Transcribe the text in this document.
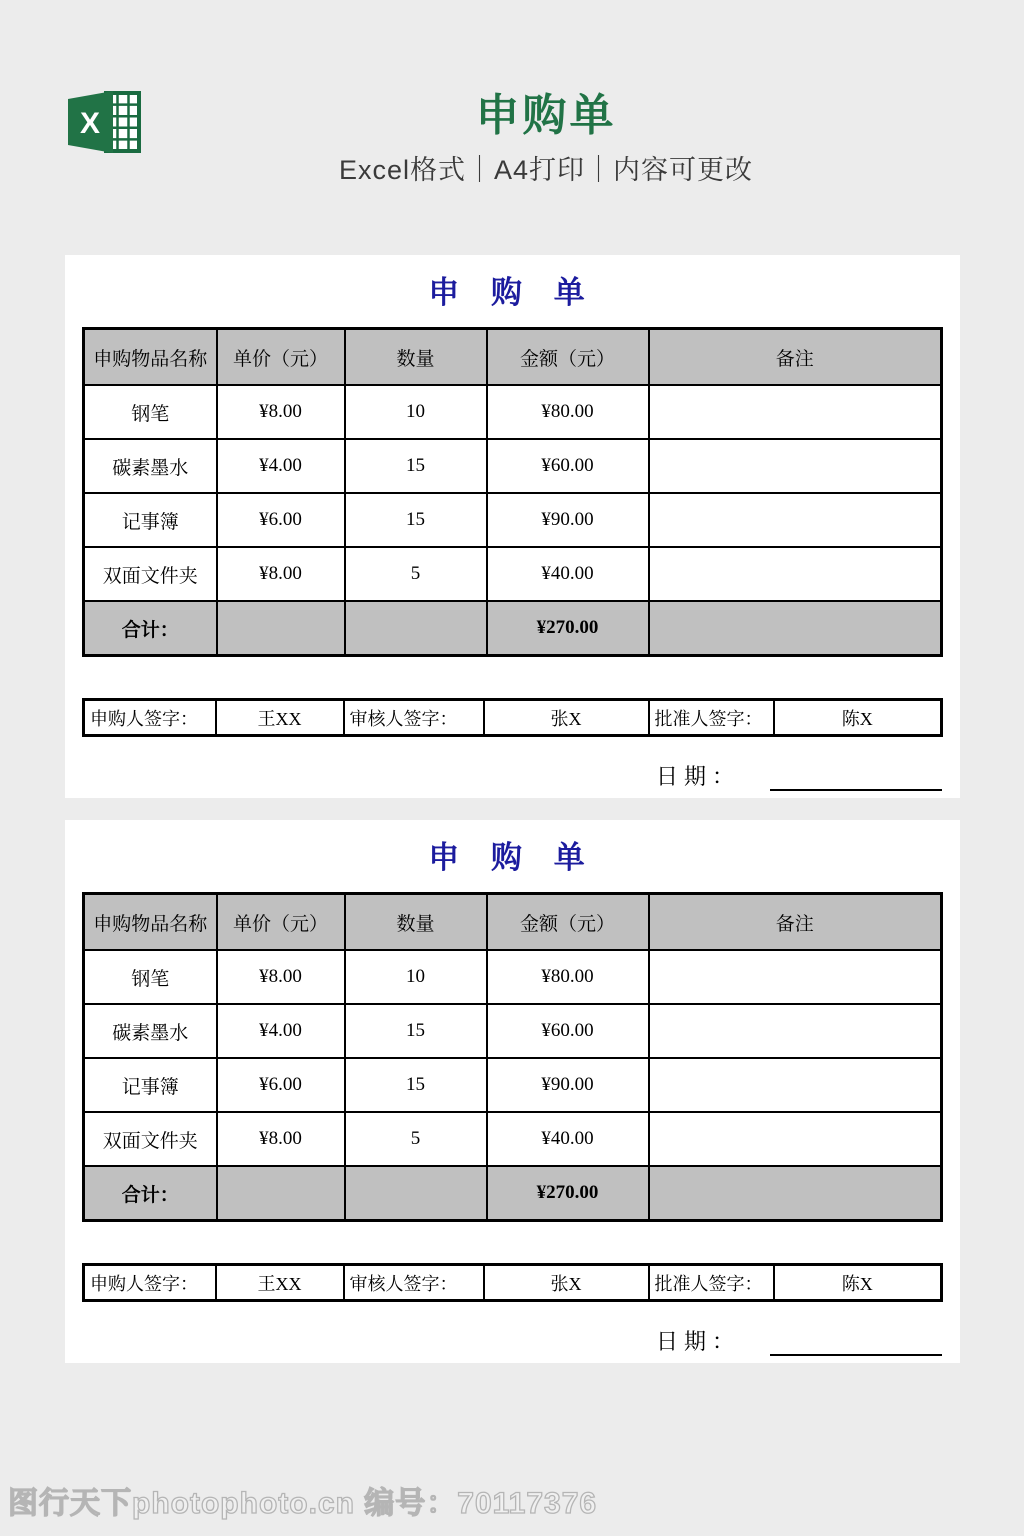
X	申购单

Excel格式｜A4打印｜内容可更改

申 购 单
申购物品名称	单价（元）	数量	金额（元）	备注
钢笔	¥8.00	10	¥80.00	
碳素墨水	¥4.00	15	¥60.00	
记事簿	¥6.00	15	¥90.00	
双面文件夹	¥8.00	5	¥40.00	
合计：			¥270.00	
申购人签字：	王XX	审核人签字：	张X	批准人签字：	陈X
日期：
申 购 单
申购物品名称	单价（元）	数量	金额（元）	备注
钢笔	¥8.00	10	¥80.00	
碳素墨水	¥4.00	15	¥60.00	
记事簿	¥6.00	15	¥90.00	
双面文件夹	¥8.00	5	¥40.00	
合计：			¥270.00	
申购人签字：	王XX	审核人签字：	张X	批准人签字：	陈X
日期：
图行天下photophoto.cn 编号：70117376
